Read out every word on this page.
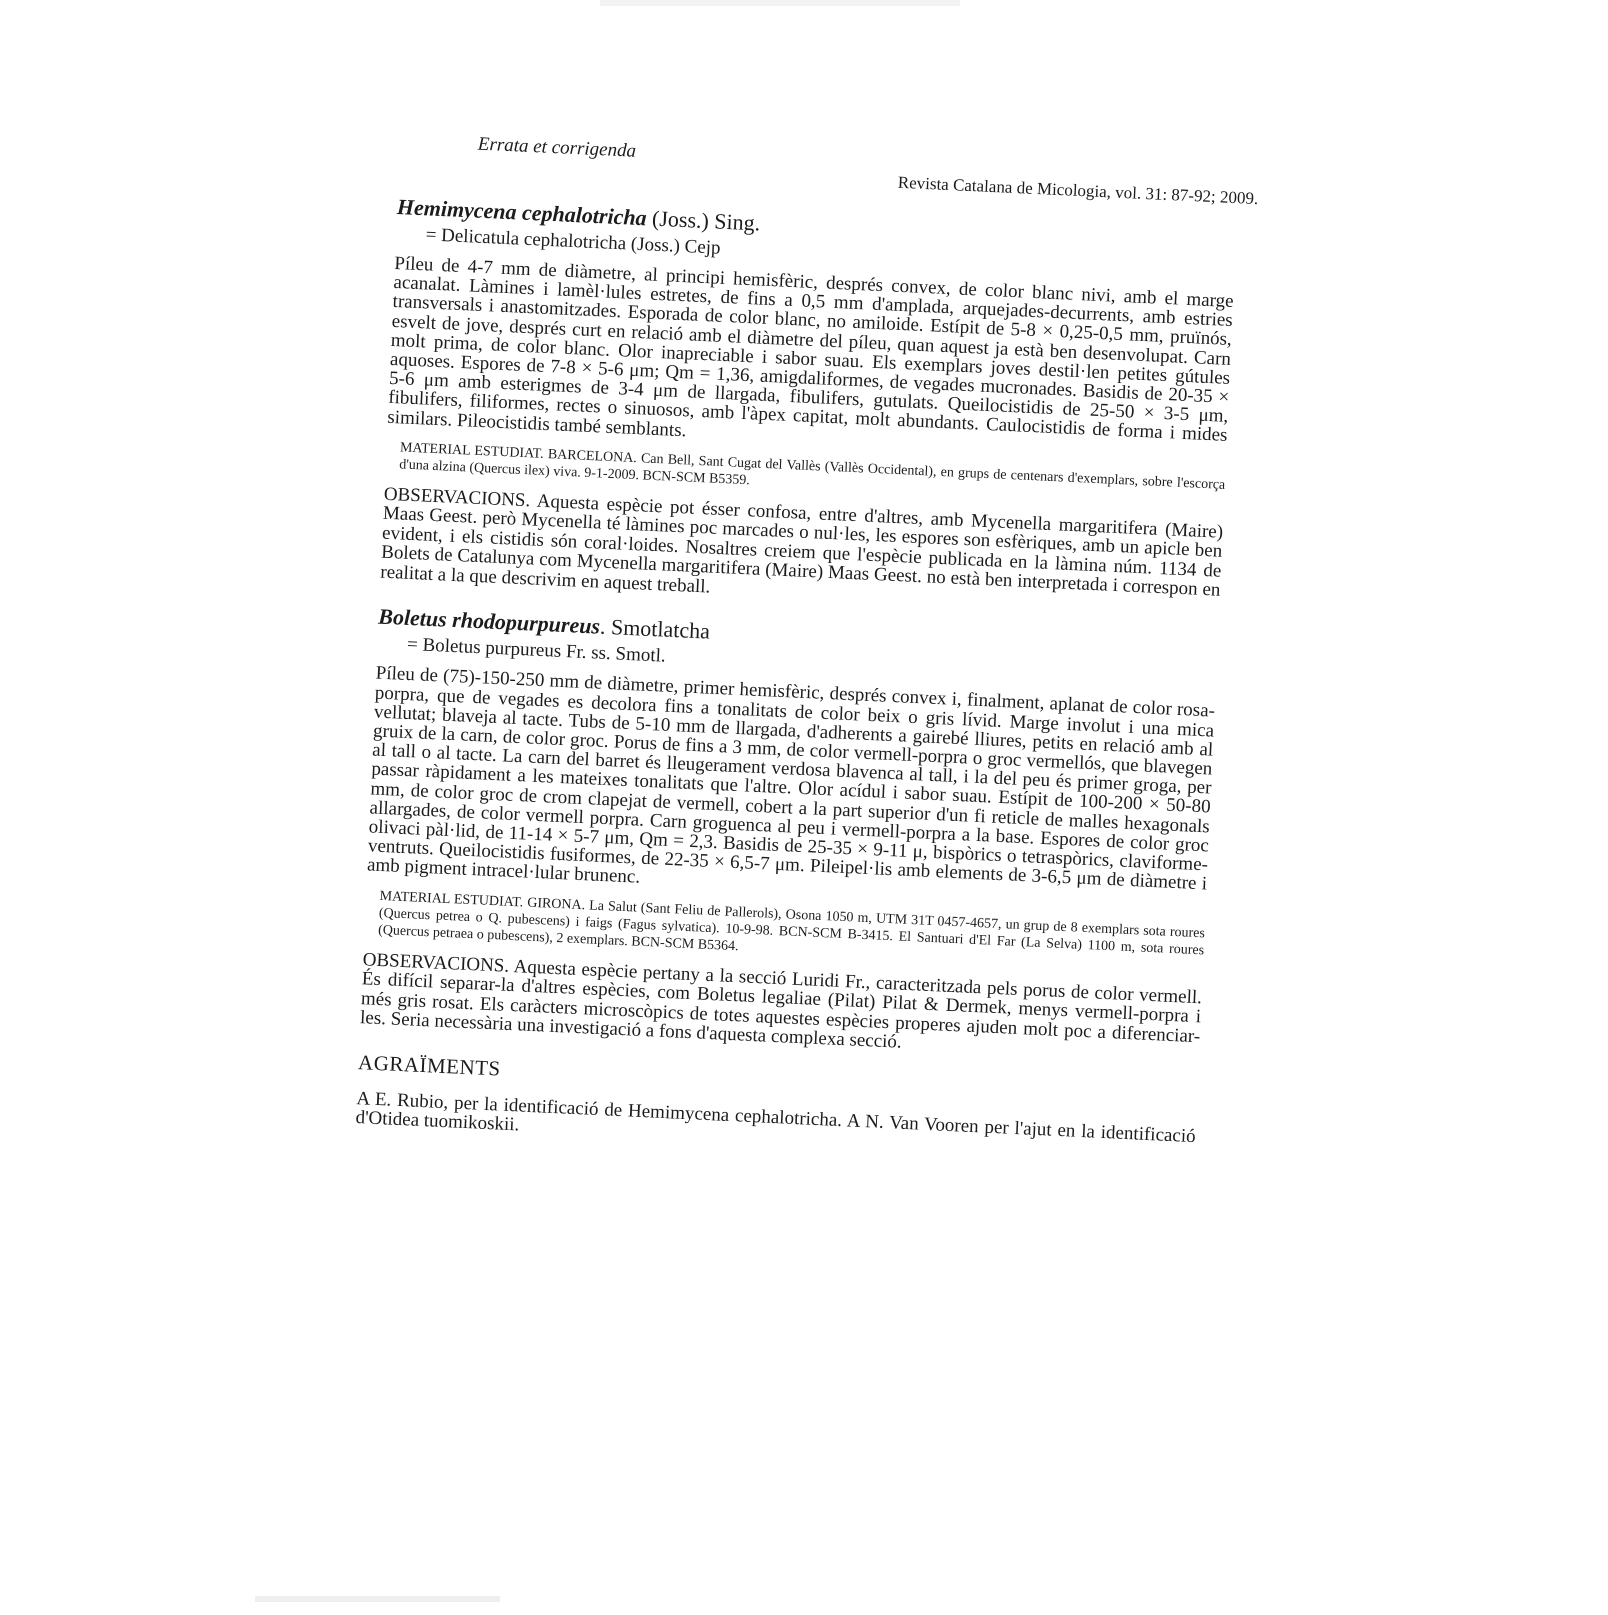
Errata et corrigenda
Revista Catalana de Micologia, vol. 31: 87-92; 2009.
Hemimycena cephalotricha (Joss.) Sing.
= Delicatula cephalotricha (Joss.) Cejp

Píleu de 4-7 mm de diàmetre, al principi hemisfèric, després convex, de color blanc nivi, amb el marge acanalat. Làmines i lamèl·lules estretes, de fins a 0,5 mm d'amplada, arquejades-decurrents, amb estries transversals i anastomitzades. Esporada de color blanc, no amiloide. Estípit de 5-8 × 0,25-0,5 mm, pruïnós, esvelt de jove, després curt en relació amb el diàmetre del píleu, quan aquest ja està ben desenvolupat. Carn molt prima, de color blanc. Olor inapreciable i sabor suau. Els exemplars joves destil·len petites gútules aquoses. Espores de 7-8 × 5-6 μm; Qm = 1,36, amigdaliformes, de vegades mucronades. Basidis de 20-35 × 5-6 μm amb esterigmes de 3-4 μm de llargada, fibulifers, gutulats. Queilocistidis de 25-50 × 3-5 μm, fibulifers, filiformes, rectes o sinuosos, amb l'àpex capitat, molt abundants. Caulocistidis de forma i mides similars. Pileocistidis també semblants.

MATERIAL ESTUDIAT. BARCELONA. Can Bell, Sant Cugat del Vallès (Vallès Occidental), en grups de centenars d'exemplars, sobre l'escorça d'una alzina (Quercus ilex) viva. 9-1-2009. BCN-SCM B5359.

OBSERVACIONS. Aquesta espècie pot ésser confosa, entre d'altres, amb Mycenella margaritifera (Maire) Maas Geest. però Mycenella té làmines poc marcades o nul·les, les espores son esfèriques, amb un apicle ben evident, i els cistidis són coral·loides. Nosaltres creiem que l'espècie publicada en la làmina núm. 1134 de Bolets de Catalunya com Mycenella margaritifera (Maire) Maas Geest. no està ben interpretada i correspon en realitat a la que descrivim en aquest treball.

Boletus rhodopurpureus. Smotlatcha
= Boletus purpureus Fr. ss. Smotl.

Píleu de (75)-150-250 mm de diàmetre, primer hemisfèric, després convex i, finalment, aplanat de color rosa-porpra, que de vegades es decolora fins a tonalitats de color beix o gris lívid. Marge involut i una mica vellutat; blaveja al tacte. Tubs de 5-10 mm de llargada, d'adherents a gairebé lliures, petits en relació amb al gruix de la carn, de color groc. Porus de fins a 3 mm, de color vermell-porpra o groc vermellós, que blavegen al tall o al tacte. La carn del barret és lleugerament verdosa blavenca al tall, i la del peu és primer groga, per passar ràpidament a les mateixes tonalitats que l'altre. Olor acídul i sabor suau. Estípit de 100-200 × 50-80 mm, de color groc de crom clapejat de vermell, cobert a la part superior d'un fi reticle de malles hexagonals allargades, de color vermell porpra. Carn groguenca al peu i vermell-porpra a la base. Espores de color groc olivaci pàl·lid, de 11-14 × 5-7 μm, Qm = 2,3. Basidis de 25-35 × 9-11 μ, bispòrics o tetraspòrics, claviforme-ventruts. Queilocistidis fusiformes, de 22-35 × 6,5-7 μm. Pileipel·lis amb elements de 3-6,5 μm de diàmetre i amb pigment intracel·lular brunenc.

MATERIAL ESTUDIAT. GIRONA. La Salut (Sant Feliu de Pallerols), Osona 1050 m, UTM 31T 0457-4657, un grup de 8 exemplars sota roures (Quercus petrea o Q. pubescens) i faigs (Fagus sylvatica). 10-9-98. BCN-SCM B-3415. El Santuari d'El Far (La Selva) 1100 m, sota roures (Quercus petraea o pubescens), 2 exemplars. BCN-SCM B5364.

OBSERVACIONS. Aquesta espècie pertany a la secció Luridi Fr., caracteritzada pels porus de color vermell. És difícil separar-la d'altres espècies, com Boletus legaliae (Pilat) Pilat & Dermek, menys vermell-porpra i més gris rosat. Els caràcters microscòpics de totes aquestes espècies properes ajuden molt poc a diferenciar-les. Seria necessària una investigació a fons d'aquesta complexa secció.

AGRAÏMENTS

A E. Rubio, per la identificació de Hemimycena cephalotricha. A N. Van Vooren per l'ajut en la identificació d'Otidea tuomikoskii.
